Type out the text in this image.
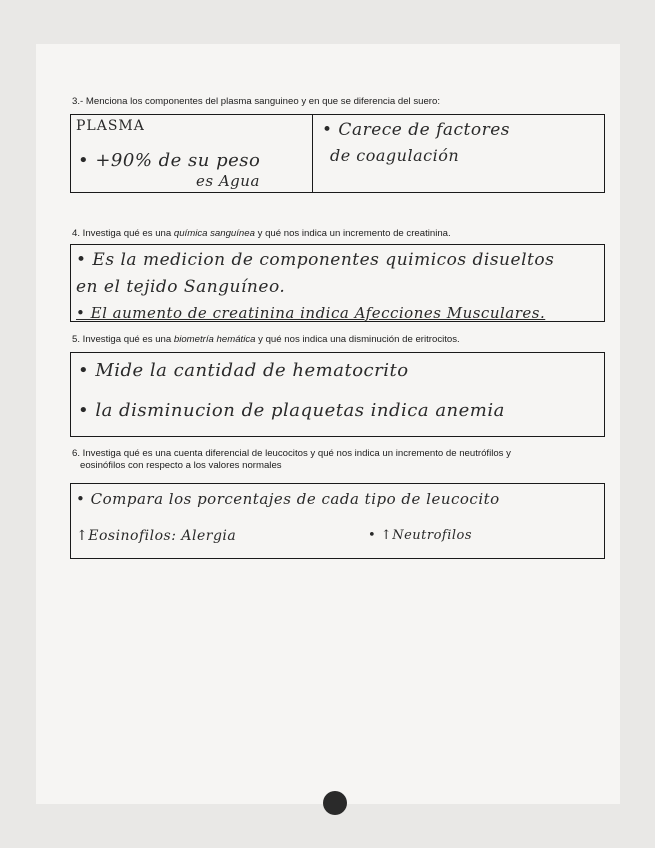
3.- Menciona los componentes del plasma sanguineo y en que se diferencia del suero:
PLASMA
• +90% de su peso
es Agua
• Carece de factores
de coagulación
4. Investiga qué es una química sanguínea y qué nos indica un incremento de creatinina.
• Es la medicion de componentes quimicos disueltos
en el tejido Sanguíneo.
• El aumento de creatinina indica Afecciones Musculares.
5. Investiga qué es una biometría hemática y qué nos indica una disminución de eritrocitos.
• Mide la cantidad de hematocrito
• la disminucion de plaquetas indica anemia
6. Investiga qué es una cuenta diferencial de leucocitos y qué nos indica un incremento de neutrófilos y
eosinófilos con respecto a los valores normales
• Compara los porcentajes de cada tipo de leucocito
↑Eosinofilos: Alergia	• ↑Neutrofilos
